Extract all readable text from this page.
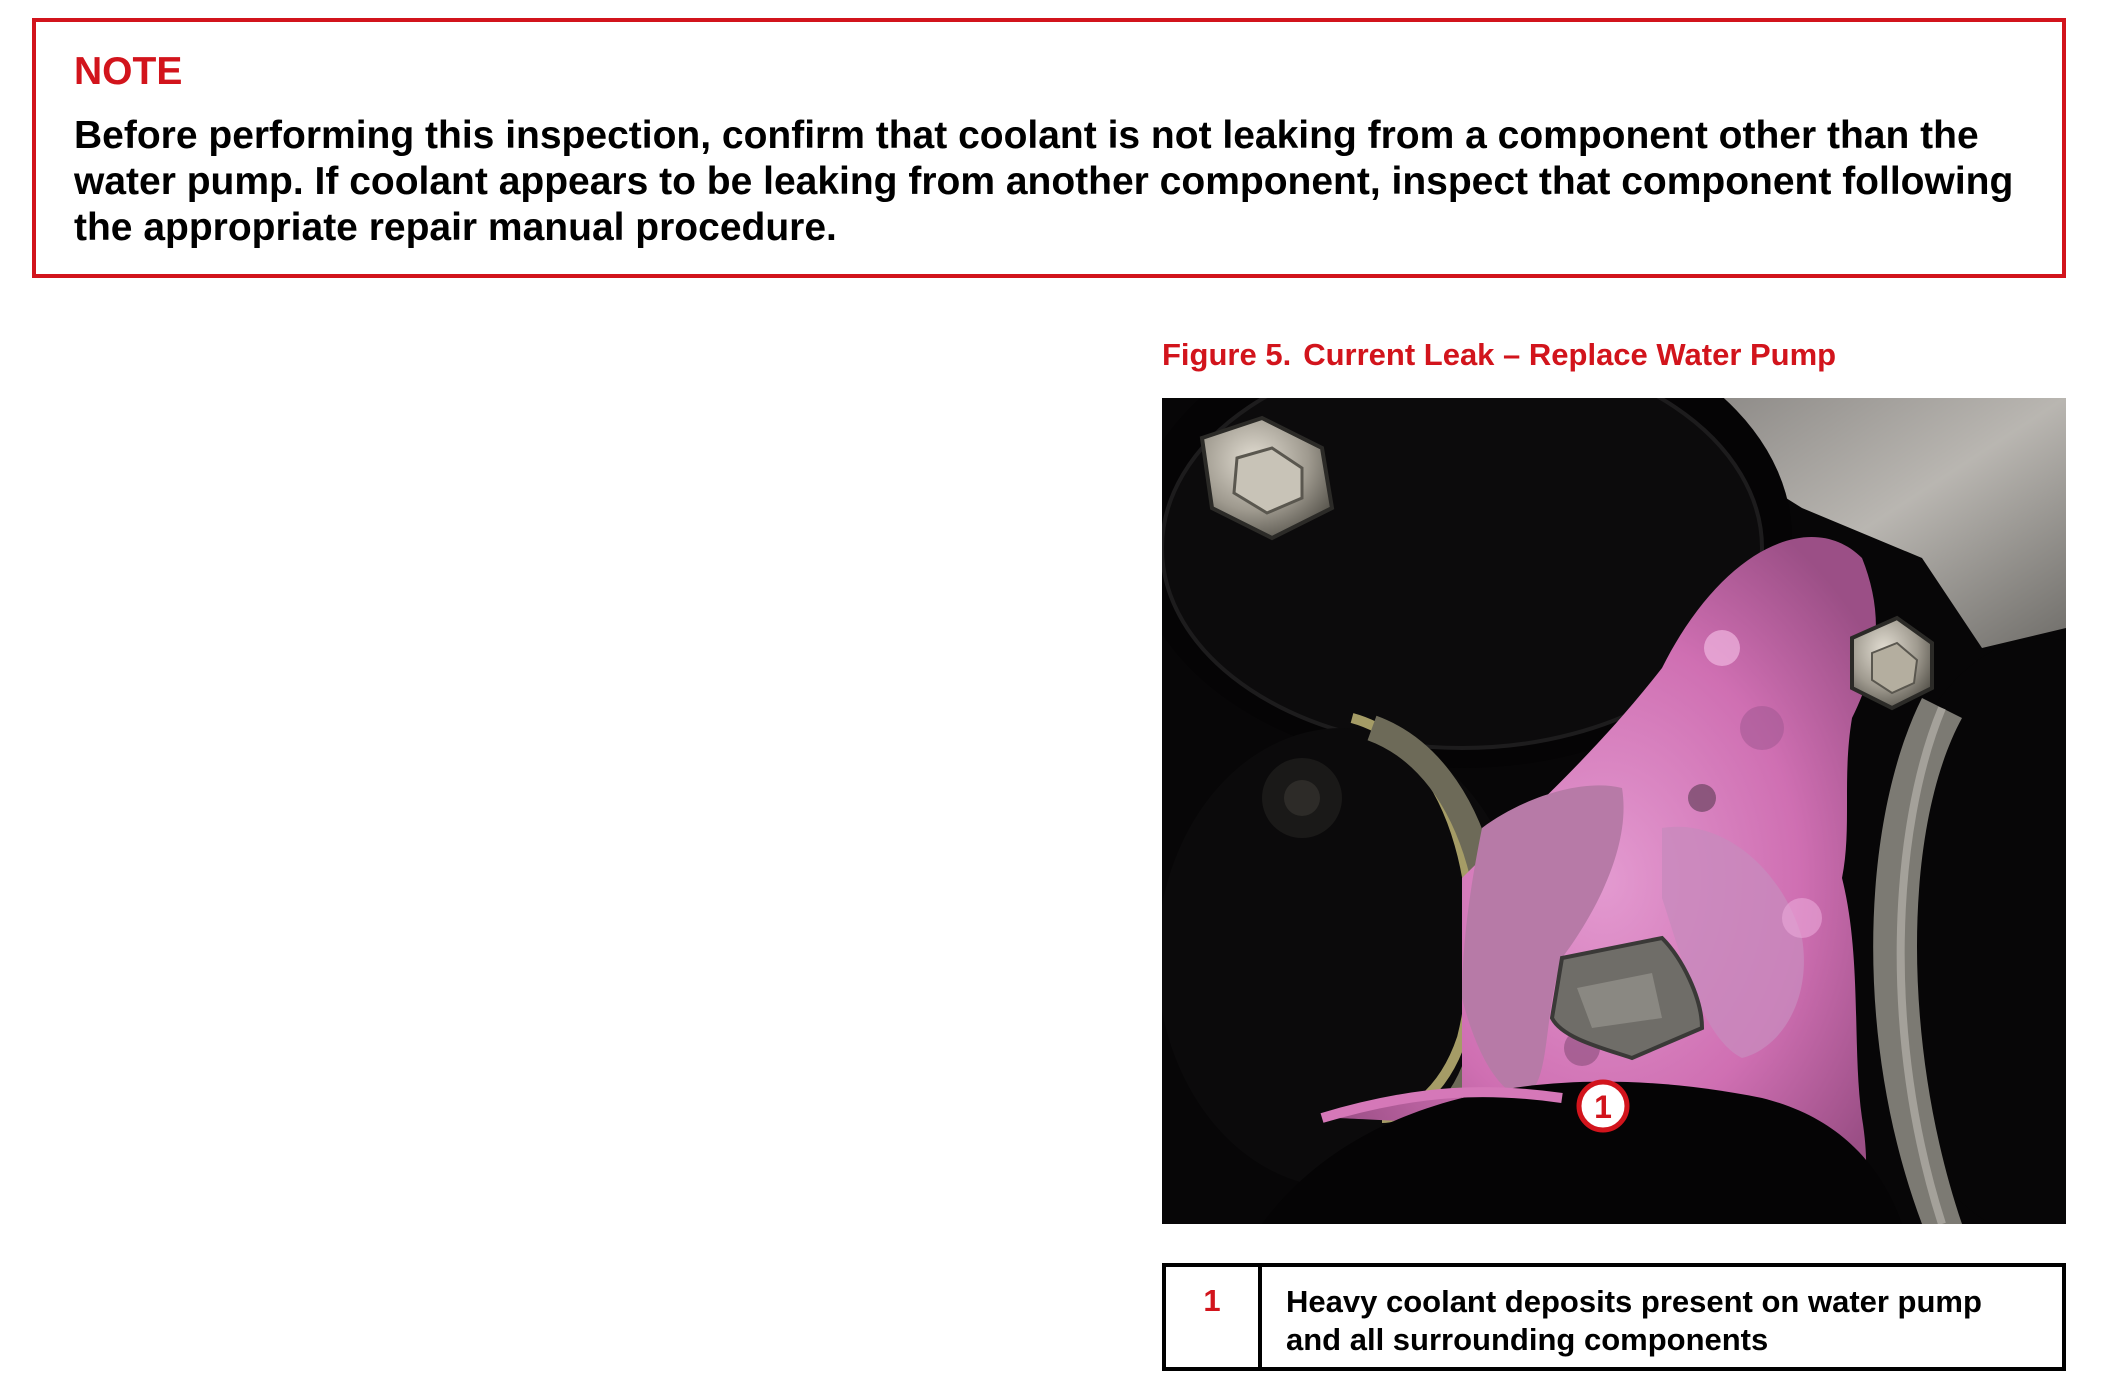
NOTE

Before performing this inspection, confirm that coolant is not leaking from a component other than the water pump. If coolant appears to be leaking from another component, inspect that component following the appropriate repair manual procedure.

Figure 5. Current Leak – Replace Water Pump

1
1	Heavy coolant deposits present on water pump and all surrounding components
